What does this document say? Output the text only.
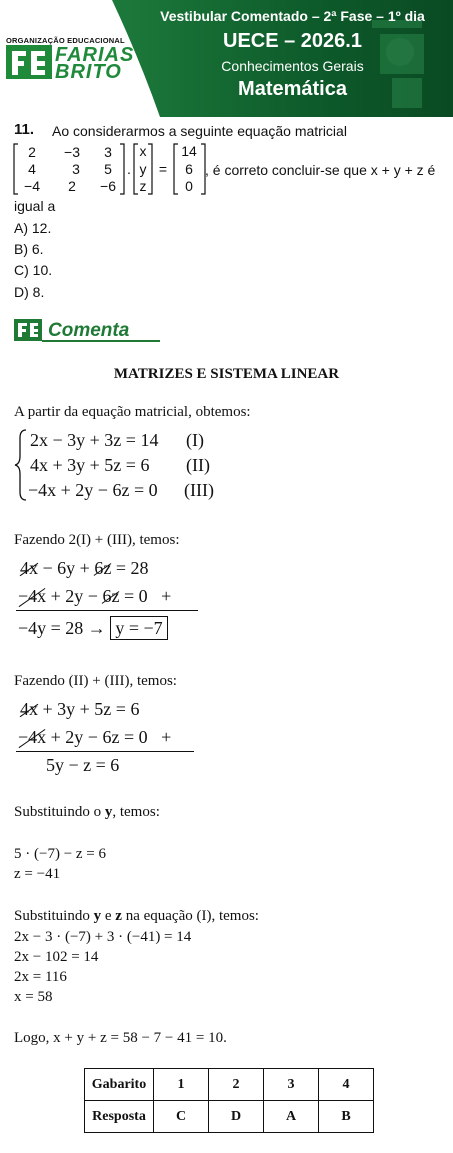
ORGANIZAÇÃO EDUCACIONAL
FARIAS
BRITO
Vestibular Comentado – 2ª Fase – 1º dia
UECE – 2026.1
Conhecimentos Gerais
Matemática
11. Ao considerarmos a seguinte equação matricial
2 −3 3
4	3 5
−4 2 −6
.
x
y
z
=
14
6
0
, é correto concluir-se que x + y + z é
igual a
A) 12.
B) 6.
C) 10.
D) 8.
Comenta
MATRIZES E SISTEMA LINEAR
A partir da equação matricial, obtemos:
2x − 3y + 3z = 14 (I)
4x + 3y + 5z = 6 (II)
−4x + 2y − 6z = 0 (III)
Fazendo 2(I) + (III), temos:
4x − 6y + 6z = 28
−4x + 2y − 6z = 0   +
−4y = 28 → y = −7
Fazendo (II) + (III), temos:
4x + 3y + 5z = 6
−4x + 2y − 6z = 0   +
5y − z = 6
Substituindo o y, temos:
5 · (−7) − z = 6
z = −41
Substituindo y e z na equação (I), temos:
2x − 3 · (−7) + 3 · (−41) = 14
2x − 102 = 14
2x = 116
x = 58
Logo, x + y + z = 58 − 7 − 41 = 10.
Gabarito	1	2	3	4
Resposta	C	D	A	B
